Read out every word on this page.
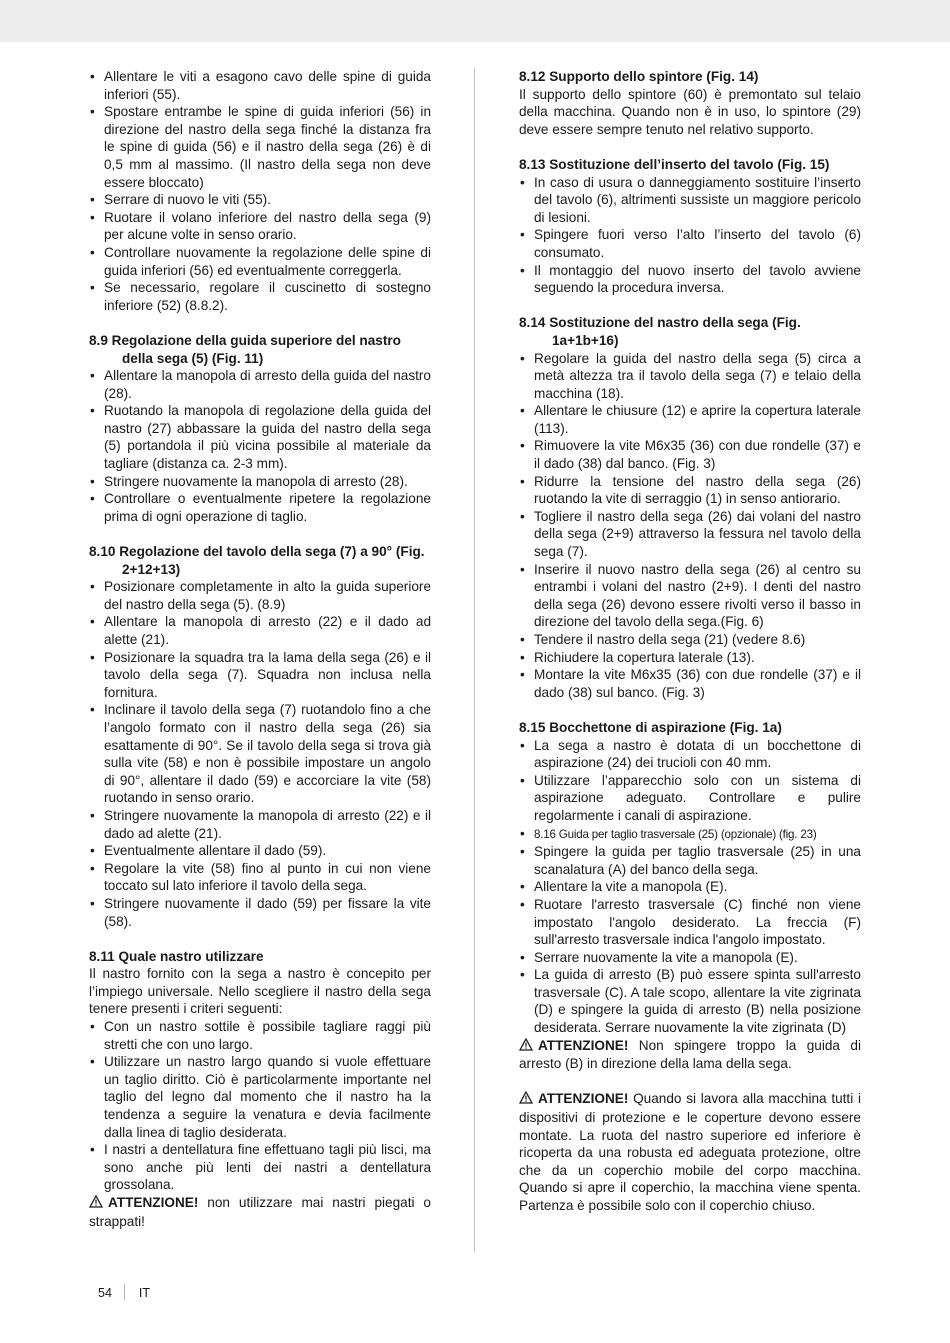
• Allentare le viti a esagono cavo delle spine di guida inferiori (55).
• Spostare entrambe le spine di guida inferiori (56) in direzione del nastro della sega finché la distanza fra le spine di guida (56) e il nastro della sega (26) è di 0,5 mm al massimo. (Il nastro della sega non deve essere bloccato)
• Serrare di nuovo le viti (55).
• Ruotare il volano inferiore del nastro della sega (9) per alcune volte in senso orario.
• Controllare nuovamente la regolazione delle spine di guida inferiori (56) ed eventualmente correggerla.
• Se necessario, regolare il cuscinetto di sostegno inferiore (52) (8.8.2).

8.9 Regolazione della guida superiore del nastro della sega (5) (Fig. 11)

• Allentare la manopola di arresto della guida del nastro (28).
• Ruotando la manopola di regolazione della guida del nastro (27) abbassare la guida del nastro della sega (5) portandola il più vicina possibile al materiale da tagliare (distanza ca. 2-3 mm).
• Stringere nuovamente la manopola di arresto (28).
• Controllare o eventualmente ripetere la regolazione prima di ogni operazione di taglio.

8.10 Regolazione del tavolo della sega (7) a 90° (Fig. 2+12+13)

• Posizionare completamente in alto la guida superiore del nastro della sega (5). (8.9)
• Allentare la manopola di arresto (22) e il dado ad alette (21).
• Posizionare la squadra tra la lama della sega (26) e il tavolo della sega (7). Squadra non inclusa nella fornitura.
• Inclinare il tavolo della sega (7) ruotandolo fino a che l’angolo formato con il nastro della sega (26) sia esattamente di 90°. Se il tavolo della sega si trova già sulla vite (58) e non è possibile impostare un angolo di 90°, allentare il dado (59) e accorciare la vite (58) ruotando in senso orario.
• Stringere nuovamente la manopola di arresto (22) e il dado ad alette (21).
• Eventualmente allentare il dado (59).
• Regolare la vite (58) fino al punto in cui non viene toccato sul lato inferiore il tavolo della sega.
• Stringere nuovamente il dado (59) per fissare la vite (58).

8.11 Quale nastro utilizzare

Il nastro fornito con la sega a nastro è concepito per l’impiego universale. Nello scegliere il nastro della sega tenere presenti i criteri seguenti:

• Con un nastro sottile è possibile tagliare raggi più stretti che con uno largo.
• Utilizzare un nastro largo quando si vuole effettuare un taglio diritto. Ciò è particolarmente importante nel taglio del legno dal momento che il nastro ha la tendenza a seguire la venatura e devia facilmente dalla linea di taglio desiderata.
• I nastri a dentellatura fine effettuano tagli più lisci, ma sono anche più lenti dei nastri a dentellatura grossolana.

ATTENZIONE! non utilizzare mai nastri piegati o strappati!

8.12 Supporto dello spintore (Fig. 14)

Il supporto dello spintore (60) è premontato sul telaio della macchina. Quando non è in uso, lo spintore (29) deve essere sempre tenuto nel relativo supporto.

8.13 Sostituzione dell’inserto del tavolo (Fig. 15)

• In caso di usura o danneggiamento sostituire l’inserto del tavolo (6), altrimenti sussiste un maggiore pericolo di lesioni.
• Spingere fuori verso l’alto l’inserto del tavolo (6) consumato.
• Il montaggio del nuovo inserto del tavolo avviene seguendo la procedura inversa.

8.14 Sostituzione del nastro della sega (Fig. 1a+1b+16)

• Regolare la guida del nastro della sega (5) circa a metà altezza tra il tavolo della sega (7) e telaio della macchina (18).
• Allentare le chiusure (12) e aprire la copertura laterale (113).
• Rimuovere la vite M6x35 (36) con due rondelle (37) e il dado (38) dal banco. (Fig. 3)
• Ridurre la tensione del nastro della sega (26) ruotando la vite di serraggio (1) in senso antiorario.
• Togliere il nastro della sega (26) dai volani del nastro della sega (2+9) attraverso la fessura nel tavolo della sega (7).
• Inserire il nuovo nastro della sega (26) al centro su entrambi i volani del nastro (2+9). I denti del nastro della sega (26) devono essere rivolti verso il basso in direzione del tavolo della sega.(Fig. 6)
• Tendere il nastro della sega (21) (vedere 8.6)
• Richiudere la copertura laterale (13).
• Montare la vite M6x35 (36) con due rondelle (37) e il dado (38) sul banco. (Fig. 3)

8.15 Bocchettone di aspirazione (Fig. 1a)

• La sega a nastro è dotata di un bocchettone di aspirazione (24) dei trucioli con 40 mm.
• Utilizzare l’apparecchio solo con un sistema di aspirazione adeguato. Controllare e pulire regolarmente i canali di aspirazione.
• 8.16 Guida per taglio trasversale (25) (opzionale) (fig. 23)
• Spingere la guida per taglio trasversale (25) in una scanalatura (A) del banco della sega.
• Allentare la vite a manopola (E).
• Ruotare l'arresto trasversale (C) finché non viene impostato l'angolo desiderato. La freccia (F) sull'arresto trasversale indica l'angolo impostato.
• Serrare nuovamente la vite a manopola (E).
• La guida di arresto (B) può essere spinta sull'arresto trasversale (C). A tale scopo, allentare la vite zigrinata (D) e spingere la guida di arresto (B) nella posizione desiderata. Serrare nuovamente la vite zigrinata (D)

ATTENZIONE! Non spingere troppo la guida di arresto (B) in direzione della lama della sega.

ATTENZIONE! Quando si lavora alla macchina tutti i dispositivi di protezione e le coperture devono essere montate. La ruota del nastro superiore ed inferiore è ricoperta da una robusta ed adeguata protezione, oltre che da un coperchio mobile del corpo macchina. Quando si apre il coperchio, la macchina viene spenta. Partenza è possibile solo con il coperchio chiuso.

54 IT
